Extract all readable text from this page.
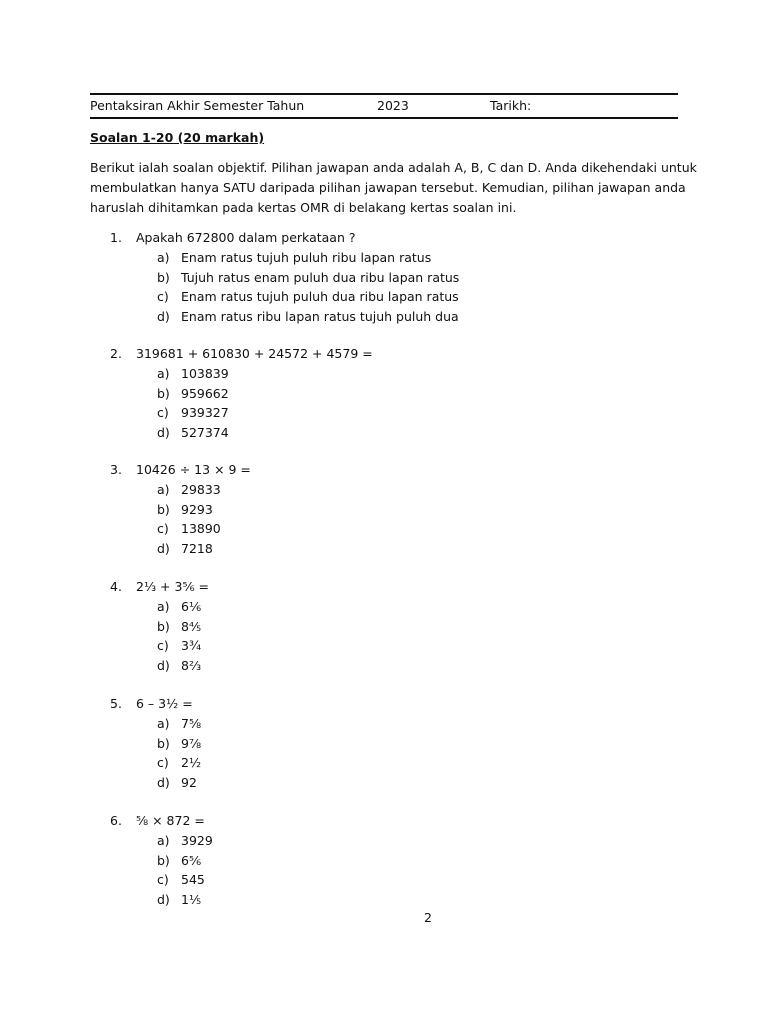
Pentaksiran Akhir Semester Tahun	2023	Tarikh:
Soalan 1-20 (20 markah)
Berikut ialah soalan objektif. Pilihan jawapan anda adalah A, B, C dan D. Anda dikehendaki untuk
membulatkan hanya SATU daripada pilihan jawapan tersebut. Kemudian, pilihan jawapan anda
haruslah dihitamkan pada kertas OMR di belakang kertas soalan ini.
1. Apakah 672800 dalam perkataan ?
a) Enam ratus tujuh puluh ribu lapan ratus
b) Tujuh ratus enam puluh dua ribu lapan ratus
c) Enam ratus tujuh puluh dua ribu lapan ratus
d) Enam ratus ribu lapan ratus tujuh puluh dua
2. 319681 + 610830 + 24572 + 4579 =
a) 103839
b) 959662
c) 939327
d) 527374
3. 10426 ÷ 13 × 9 =
a) 29833
b) 9293
c) 13890
d) 7218
4. 2⅓ + 3⅚ =
a) 6⅙
b) 8⅘
c) 3¾
d) 8⅔
5. 6 – 3½ =
a) 7⅝
b) 9⅞
c) 2½
d) 92
6. ⅝ × 872 =
a) 3929
b) 6⅚
c) 545
d) 1⅕
2
